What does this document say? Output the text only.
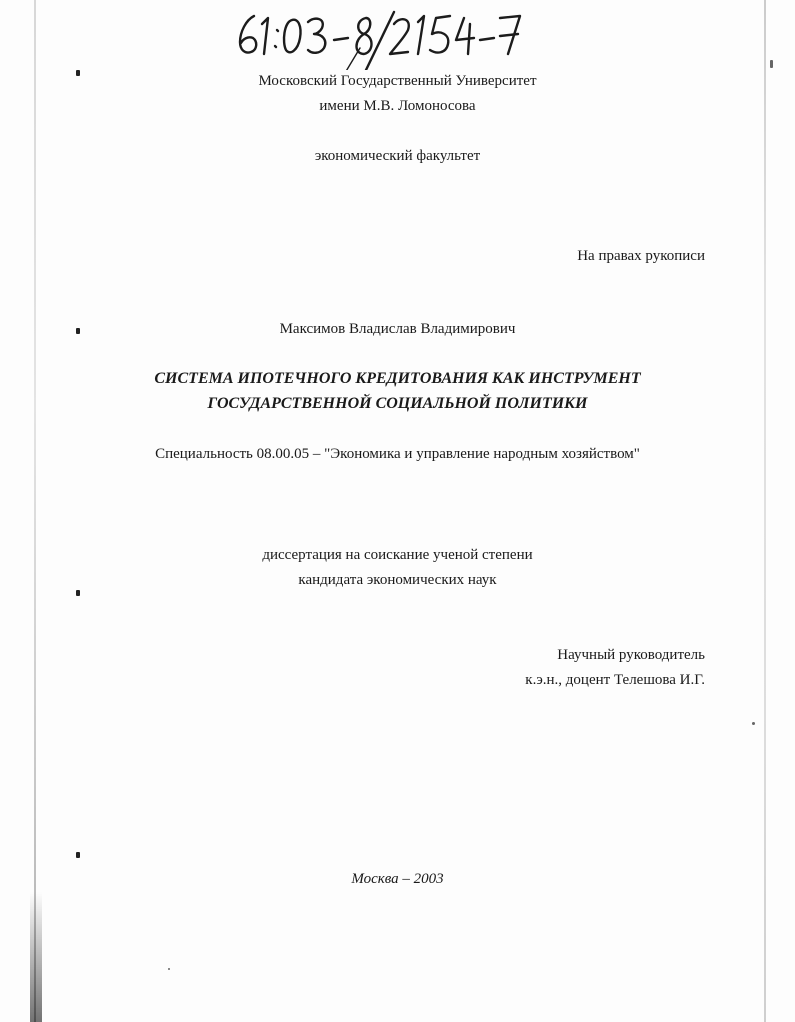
Московский Государственный Университет
имени М.В. Ломоносова
экономический факультет
На правах рукописи
Максимов Владислав Владимирович
СИСТЕМА ИПОТЕЧНОГО КРЕДИТОВАНИЯ КАК ИНСТРУМЕНТ
ГОСУДАРСТВЕННОЙ СОЦИАЛЬНОЙ ПОЛИТИКИ
Специальность 08.00.05 – "Экономика и управление народным хозяйством"
диссертация на соискание ученой степени
кандидата экономических наук
Научный руководитель
к.э.н., доцент Телешова И.Г.
Москва – 2003
